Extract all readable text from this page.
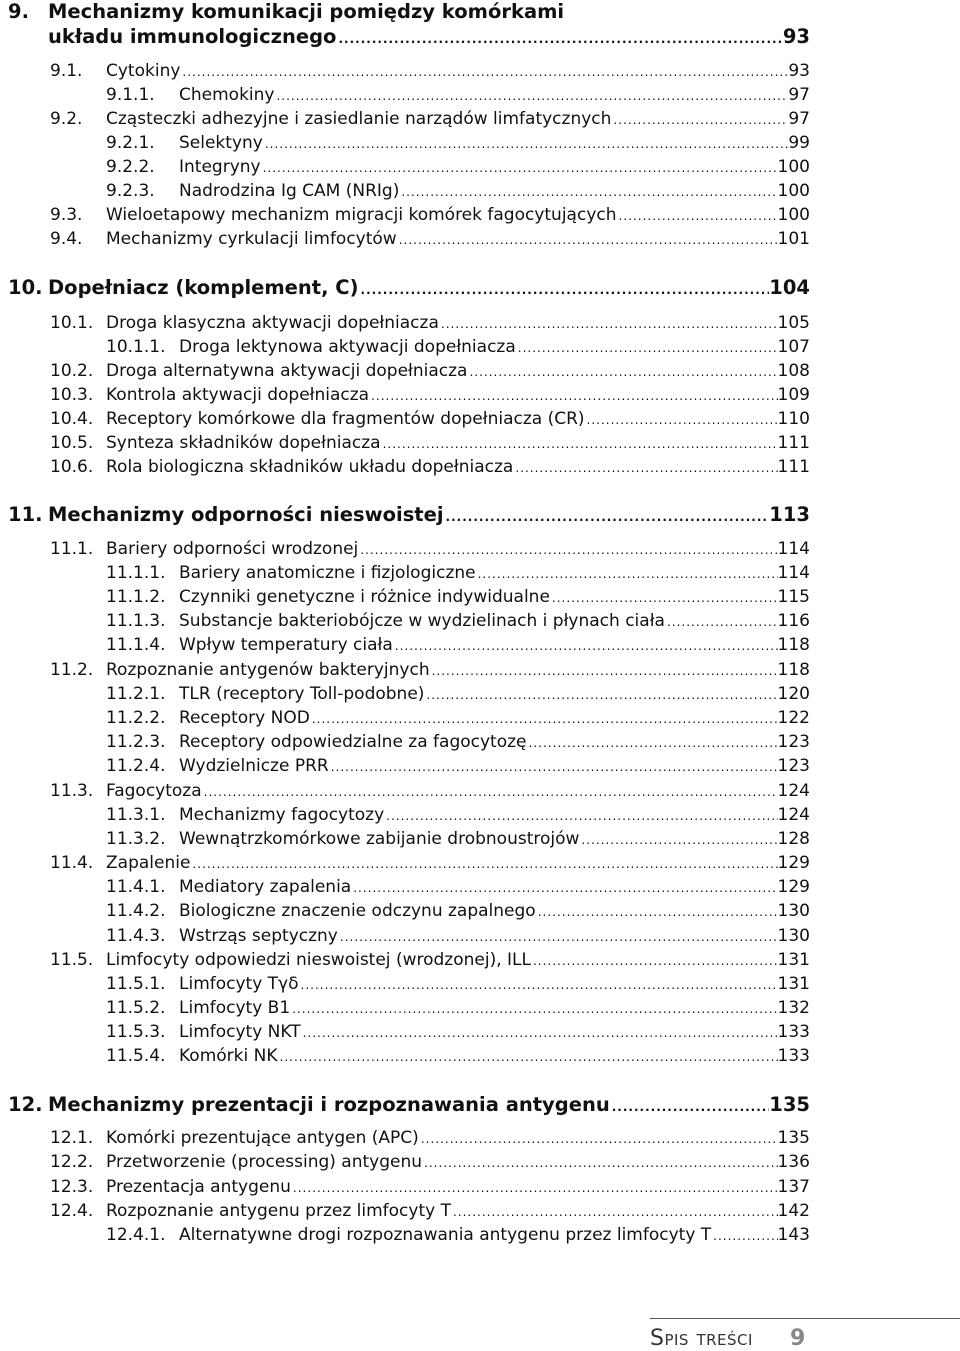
9. Mechanizmy komunikacji pomiędzy komórkami
układu immunologicznego .....	93
9.1. Cytokiny .....	93
9.1.1. Chemokiny .....	97
9.2. Cząsteczki adhezyjne i zasiedlanie narządów limfatycznych .....	97
9.2.1. Selektyny .....	99
9.2.2. Integryny .....	100
9.2.3. Nadrodzina Ig CAM (NRIg) .....	100
9.3. Wieloetapowy mechanizm migracji komórek fagocytujących .....	100
9.4. Mechanizmy cyrkulacji limfocytów .....	101
10. Dopełniacz (komplement, C) .....	104
10.1. Droga klasyczna aktywacji dopełniacza .....	105
10.1.1. Droga lektynowa aktywacji dopełniacza .....	107
10.2. Droga alternatywna aktywacji dopełniacza .....	108
10.3. Kontrola aktywacji dopełniacza .....	109
10.4. Receptory komórkowe dla fragmentów dopełniacza (CR) .....	110
10.5. Synteza składników dopełniacza .....	111
10.6. Rola biologiczna składników układu dopełniacza .....	111
11. Mechanizmy odporności nieswoistej .....	113
11.1. Bariery odporności wrodzonej .....	114
11.1.1. Bariery anatomiczne i fizjologiczne .....	114
11.1.2. Czynniki genetyczne i różnice indywidualne .....	115
11.1.3. Substancje bakteriobójcze w wydzielinach i płynach ciała .....	116
11.1.4. Wpływ temperatury ciała .....	118
11.2. Rozpoznanie antygenów bakteryjnych .....	118
11.2.1. TLR (receptory Toll-podobne) .....	120
11.2.2. Receptory NOD .....	122
11.2.3. Receptory odpowiedzialne za fagocytozę .....	123
11.2.4. Wydzielnicze PRR .....	123
11.3. Fagocytoza .....	124
11.3.1. Mechanizmy fagocytozy .....	124
11.3.2. Wewnątrzkomórkowe zabijanie drobnoustrojów .....	128
11.4. Zapalenie .....	129
11.4.1. Mediatory zapalenia .....	129
11.4.2. Biologiczne znaczenie odczynu zapalnego .....	130
11.4.3. Wstrząs septyczny .....	130
11.5. Limfocyty odpowiedzi nieswoistej (wrodzonej), ILL .....	131
11.5.1. Limfocyty Tγδ .....	131
11.5.2. Limfocyty B1 .....	132
11.5.3. Limfocyty NKT .....	133
11.5.4. Komórki NK .....	133
12. Mechanizmy prezentacji i rozpoznawania antygenu .....	135
12.1. Komórki prezentujące antygen (APC) .....	135
12.2. Przetworzenie (processing) antygenu .....	136
12.3. Prezentacja antygenu .....	137
12.4. Rozpoznanie antygenu przez limfocyty T .....	142
12.4.1. Alternatywne drogi rozpoznawania antygenu przez limfocyty T .....	143
Spis treści 9
